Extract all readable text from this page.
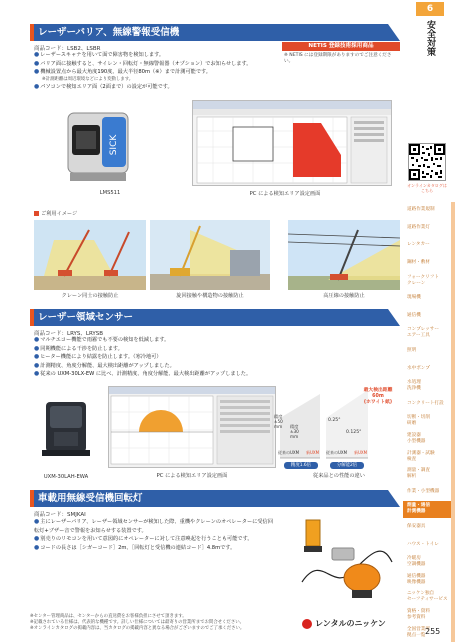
6
安全対策
オンラインカタログは
こちら
レーザーバリア、無線警報受信機
商品コード：LSB2、LSBR
●レーザースキャナを用いて面で障害物を検知します。
●バリア面に接触すると、サイレン・回転灯・無線警報器（オプション）でお知らせします。
●機械設置点から最大角度190度、最大半径80m（※）まで計測可能です。
※計測距離は周辺環境などにより変動します。
●パソコンで検知エリア面（2面まで）の設定が可能です。
NETIS 登録技術採用商品
※ NETIS には登録期限がありますのでご注意ください。
SICK
LMS511	PC による検知エリア設定画面
ご利用イメージ
クレーン同士の接触防止	旋回接触や構造物の接触防止	高圧線の接触防止
レーザー領域センサー
商品コード：LRYS、LRYSB
●マルチエコー機能で雨霧でも不要の検知を低減します。
●同期機能による干渉を防止します。
●ヒーター機能により結露を防止します。（寒冷地可）
●計測精度、角度分解能、最大検出距離がアップしました。
●従来の UXM-30LX-EW に比べ、計測精度、角度分解能、最大検出距離がアップしました。
UXM-30LAH-EWA	PC による検知エリア設定画面
最大検出距離
60m
(ホワイト紙)
精度
±50
mm 精度
±30
mm
0.25°
0.125°
従来のUXM 新UXM 従来のUXM 新UXM
精度1.6倍	分解能2倍
従来品との性能の違い
車載用無線受信機回転灯
商品コード：SMJKAI
●主にレーザーバリア、レーザー領域センサーが検知した際、重機やクレーンのオペレーターに受信回転灯+ブザー音で警報をお知らせする装置です。
●別売りのリモコンを用いて意図的にオペレーターに対して注意喚起を行うことも可能です。
●コードの長さは［シガーコード］2m、［回転灯と受信機の連結コード］4.8mです。
道路作業規制
道路作業灯
レンタカー
鋼材・敷材
フォークリフト
クレーン
現場機
通信機
コンプレッサー
エアー工具
照明
水中ポンプ
水処理
洗浄機
コンクリート打設
切断・切削
研磨
建設器
小型機器
計測器・試験
検査
測量・調査
解析
作業・小型機器
測量・通信
計測機器
保安器具
ハウス・トイレ
冷暖房
空調機器
通信機器
映像機器
ニッケン独自
セーフティサービス
資格・資料
参考資料
全国営業所
拠点一覧
※センター管理商品は、センターからの直送費をお客様負担にさせて頂きます。
※記載されている仕様は、代表的な機種です。詳しい仕様については最寄りの営業所までお問合せください。
※オンラインカタログの掲載内容は、当カタログの掲載内容と異なる場合がございますのでご了承ください。
レンタルのニッケン
255
